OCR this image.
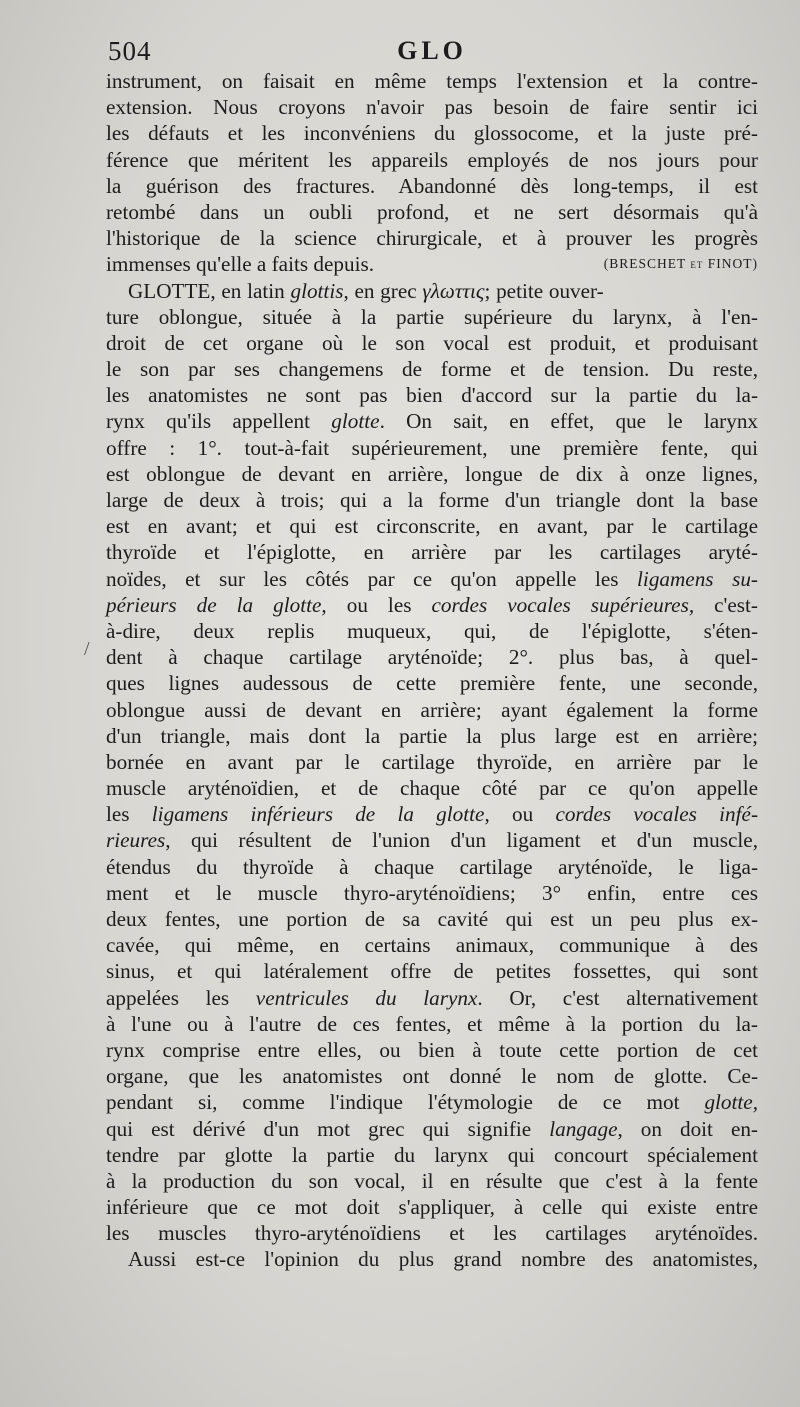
504	GLO
/
instrument, on faisait en même temps l'extension et la contre-
extension. Nous croyons n'avoir pas besoin de faire sentir ici
les défauts et les inconvéniens du glossocome, et la juste pré-
férence que méritent les appareils employés de nos jours pour
la guérison des fractures. Abandonné dès long-temps, il est
retombé dans un oubli profond, et ne sert désormais qu'à
l'historique de la science chirurgicale, et à prouver les progrès
immenses qu'elle a faits depuis.	(BRESCHET et FINOT)
GLOTTE, en latin glottis, en grec γλωττις; petite ouver-
ture oblongue, située à la partie supérieure du larynx, à l'en-
droit de cet organe où le son vocal est produit, et produisant
le son par ses changemens de forme et de tension. Du reste,
les anatomistes ne sont pas bien d'accord sur la partie du la-
rynx qu'ils appellent glotte. On sait, en effet, que le larynx
offre : 1°. tout-à-fait supérieurement, une première fente, qui
est oblongue de devant en arrière, longue de dix à onze lignes,
large de deux à trois; qui a la forme d'un triangle dont la base
est en avant; et qui est circonscrite, en avant, par le cartilage
thyroïde et l'épiglotte, en arrière par les cartilages aryté-
noïdes, et sur les côtés par ce qu'on appelle les ligamens su-
périeurs de la glotte, ou les cordes vocales supérieures, c'est-
à-dire, deux replis muqueux, qui, de l'épiglotte, s'éten-
dent à chaque cartilage aryténoïde; 2°. plus bas, à quel-
ques lignes audessous de cette première fente, une seconde,
oblongue aussi de devant en arrière; ayant également la forme
d'un triangle, mais dont la partie la plus large est en arrière;
bornée en avant par le cartilage thyroïde, en arrière par le
muscle aryténoïdien, et de chaque côté par ce qu'on appelle
les ligamens inférieurs de la glotte, ou cordes vocales infé-
rieures, qui résultent de l'union d'un ligament et d'un muscle,
étendus du thyroïde à chaque cartilage aryténoïde, le liga-
ment et le muscle thyro-aryténoïdiens; 3° enfin, entre ces
deux fentes, une portion de sa cavité qui est un peu plus ex-
cavée, qui même, en certains animaux, communique à des
sinus, et qui latéralement offre de petites fossettes, qui sont
appelées les ventricules du larynx. Or, c'est alternativement
à l'une ou à l'autre de ces fentes, et même à la portion du la-
rynx comprise entre elles, ou bien à toute cette portion de cet
organe, que les anatomistes ont donné le nom de glotte. Ce-
pendant si, comme l'indique l'étymologie de ce mot glotte,
qui est dérivé d'un mot grec qui signifie langage, on doit en-
tendre par glotte la partie du larynx qui concourt spécialement
à la production du son vocal, il en résulte que c'est à la fente
inférieure que ce mot doit s'appliquer, à celle qui existe entre
les muscles thyro-aryténoïdiens et les cartilages aryténoïdes.
Aussi est-ce l'opinion du plus grand nombre des anatomistes,
